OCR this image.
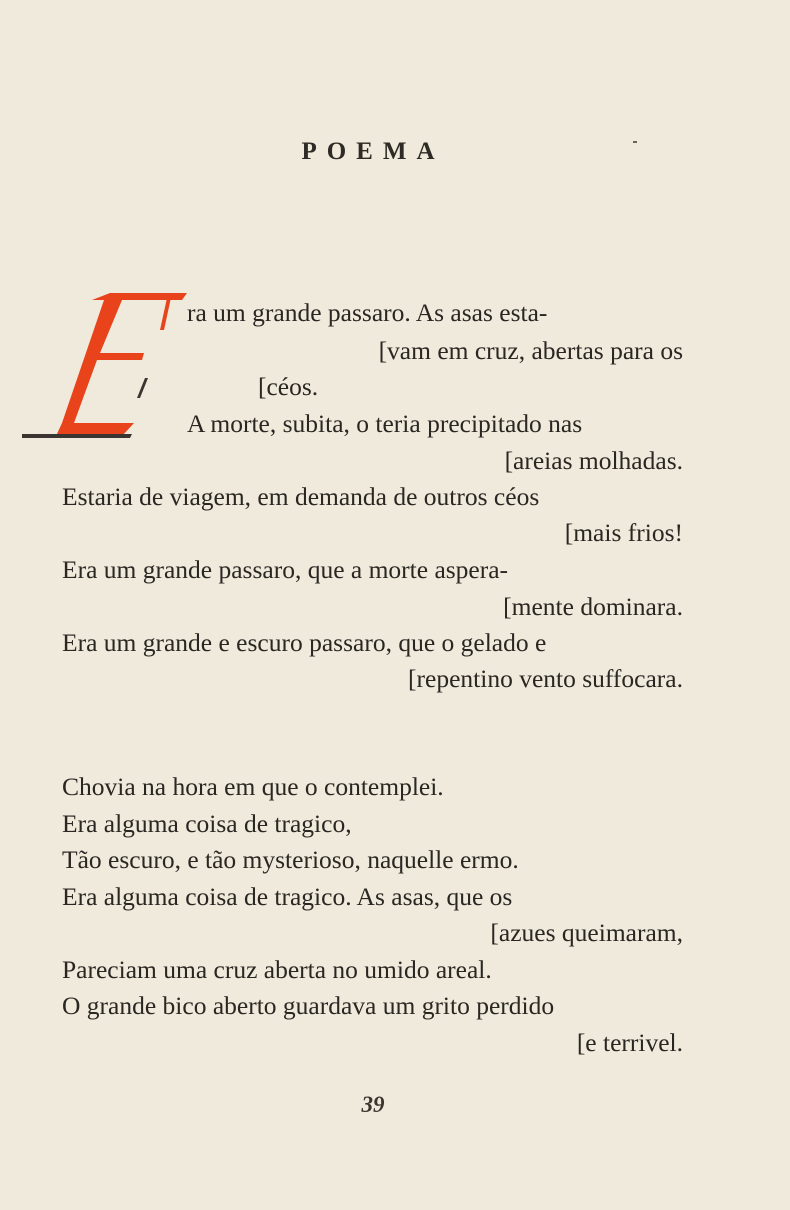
POEMA
ra um grande passaro. As asas esta-
[vam em cruz, abertas para os
[céos.
A morte, subita, o teria precipitado nas
[areias molhadas.
Estaria de viagem, em demanda de outros céos
[mais frios!
Era um grande passaro, que a morte aspera-
[mente dominara.
Era um grande e escuro passaro, que o gelado e
[repentino vento suffocara.
Chovia na hora em que o contemplei.
Era alguma coisa de tragico,
Tão escuro, e tão mysterioso, naquelle ermo.
Era alguma coisa de tragico. As asas, que os
[azues queimaram,
Pareciam uma cruz aberta no umido areal.
O grande bico aberto guardava um grito perdido
[e terrivel.
39
